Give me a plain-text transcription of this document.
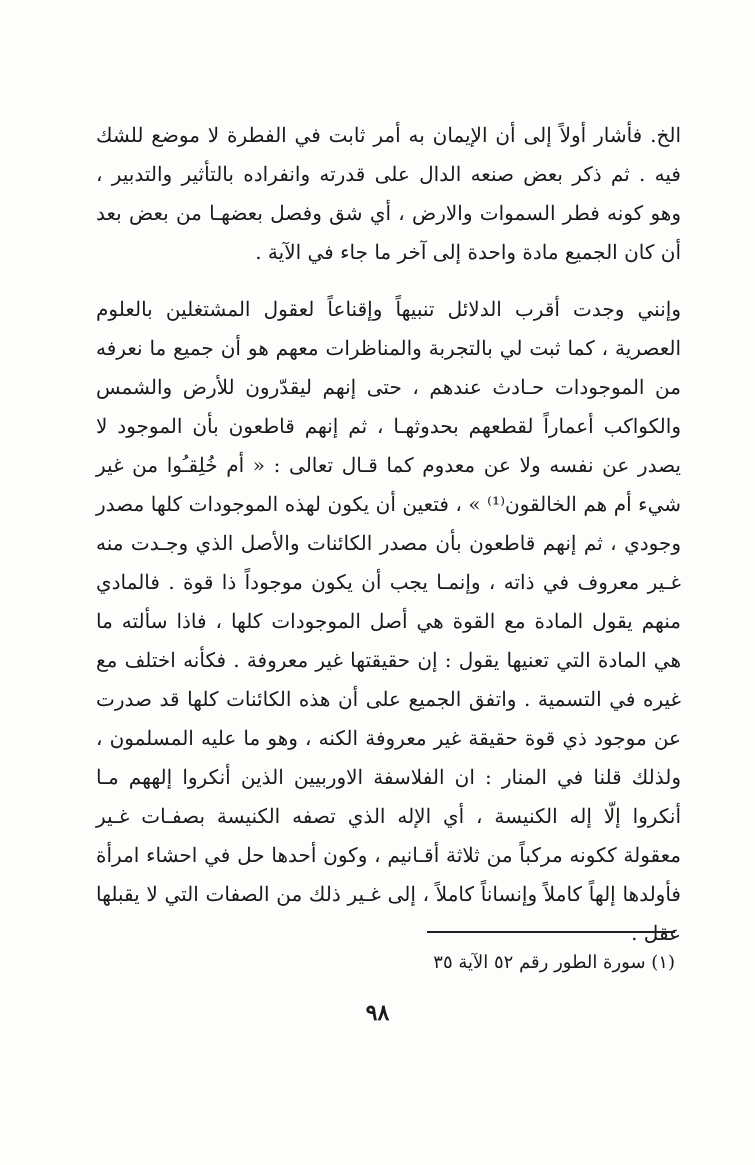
الخ. فأشار أولاً إلى أن الإيمان به أمر ثابت في الفطرة لا موضع للشك فيه . ثم ذكر بعض صنعه الدال على قدرته وانفراده بالتأثير والتدبير ، وهو كونه فطر السموات والارض ، أي شق وفصل بعضهـا من بعض بعد أن كان الجميع مادة واحدة إلى آخر ما جاء في الآية .

وإنني وجدت أقرب الدلائل تنبيهاً وإقناعاً لعقول المشتغلين بالعلوم العصرية ، كما ثبت لي بالتجربة والمناظرات معهم هو أن جميع ما نعرفه من الموجودات حـادث عندهم ، حتى إنهم ليقدّرون للأرض والشمس والكواكب أعماراً لقطعهم بحدوثهـا ، ثم إنهم قاطعون بأن الموجود لا يصدر عن نفسه ولا عن معدوم كما قـال تعالى : « أم خُلِقـُوا من غير شيء أم هم الخالقون⁽¹⁾ » ، فتعين أن يكون لهذه الموجودات كلها مصدر وجودي ، ثم إنهم قاطعون بأن مصدر الكائنات والأصل الذي وجـدت منه غـير معروف في ذاته ، وإنمـا يجب أن يكون موجوداً ذا قوة . فالمادي منهم يقول المادة مع القوة هي أصل الموجودات كلها ، فاذا سألته ما هي المادة التي تعنيها يقول : إن حقيقتها غير معروفة . فكأنه اختلف مع غيره في التسمية . واتفق الجميع على أن هذه الكائنات كلها قد صدرت عن موجود ذي قوة حقيقة غير معروفة الكنه ، وهو ما عليه المسلمون ، ولذلك قلنا في المنار : ان الفلاسفة الاوربيين الذين أنكروا إلههم مـا أنكروا إلّا إله الكنيسة ، أي الإله الذي تصفه الكنيسة بصفـات غـير معقولة ككونه مركباً من ثلاثة أقـانيم ، وكون أحدها حل في احشاء امرأة فأولدها إلهاً كاملاً وإنساناً كاملاً ، إلى غـير ذلك من الصفات التي لا يقبلها عقل .

(١) سورة الطور رقم ٥٢ الآية ٣٥
٩٨
